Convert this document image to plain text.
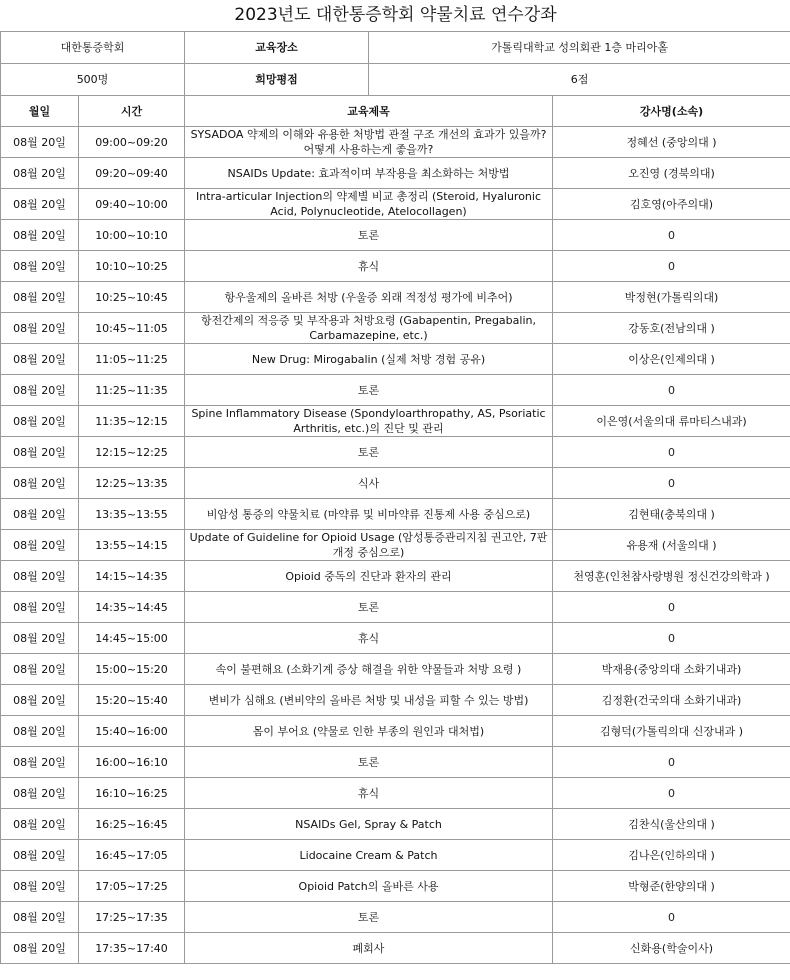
2023년도 대한통증학회 약물치료 연수강좌				
대한통증학회		교육장소	가톨릭대학교 성의회관 1층 마리아홀	
500명		희망평점	6점	
월일	시간	교육제목		강사명(소속)
08월 20일	09:00~09:20	SYSADOA 약제의 이해와 유용한 처방법 관절 구조 개선의 효과가 있을까? 어떻게 사용하는게 좋을까?		정혜선 (중앙의대 )
08월 20일	09:20~09:40	NSAIDs Update: 효과적이며 부작용을 최소화하는 처방법		오진영 (경북의대)
08월 20일	09:40~10:00	Intra-articular Injection의 약제별 비교 총정리 (Steroid, Hyaluronic Acid, Polynucleotide, Atelocollagen)		김호영(아주의대)
08월 20일	10:00~10:10	토론		0
08월 20일	10:10~10:25	휴식		0
08월 20일	10:25~10:45	항우울제의 올바른 처방 (우울증 외래 적정성 평가에 비추어)		박정현(가톨릭의대)
08월 20일	10:45~11:05	항전간제의 적응증 및 부작용과 처방요령 (Gabapentin, Pregabalin, Carbamazepine, etc.)		강동호(전남의대 )
08월 20일	11:05~11:25	New Drug: Mirogabalin (실제 처방 경험 공유)		이상은(인제의대 )
08월 20일	11:25~11:35	토론		0
08월 20일	11:35~12:15	Spine Inflammatory Disease (Spondyloarthropathy, AS, Psoriatic Arthritis, etc.)의 진단 및 관리		이은영(서울의대 류마티스내과)
08월 20일	12:15~12:25	토론		0
08월 20일	12:25~13:35	식사		0
08월 20일	13:35~13:55	비암성 통증의 약물치료 (마약류 및 비마약류 진통제 사용 중심으로)		김현태(충북의대 )
08월 20일	13:55~14:15	Update of Guideline for Opioid Usage (암성통증관리지침 권고안, 7판 개정 중심으로)		유용재 (서울의대 )
08월 20일	14:15~14:35	Opioid 중독의 진단과 환자의 관리		천영훈(인천참사랑병원 정신건강의학과 )
08월 20일	14:35~14:45	토론		0
08월 20일	14:45~15:00	휴식		0
08월 20일	15:00~15:20	속이 불편해요 (소화기계 증상 해결을 위한 약물들과 처방 요령 )		박재용(중앙의대 소화기내과)
08월 20일	15:20~15:40	변비가 심해요 (변비약의 올바른 처방 및 내성을 피할 수 있는 방법)		김정환(건국의대 소화기내과)
08월 20일	15:40~16:00	몸이 부어요 (약물로 인한 부종의 원인과 대처법)		김형덕(가톨릭의대 신장내과 )
08월 20일	16:00~16:10	토론		0
08월 20일	16:10~16:25	휴식		0
08월 20일	16:25~16:45	NSAIDs Gel, Spray & Patch		김찬식(울산의대 )
08월 20일	16:45~17:05	Lidocaine Cream & Patch		김나은(인하의대 )
08월 20일	17:05~17:25	Opioid Patch의 올바른 사용		박형준(한양의대 )
08월 20일	17:25~17:35	토론		0
08월 20일	17:35~17:40	폐회사		신화용(학술이사)
